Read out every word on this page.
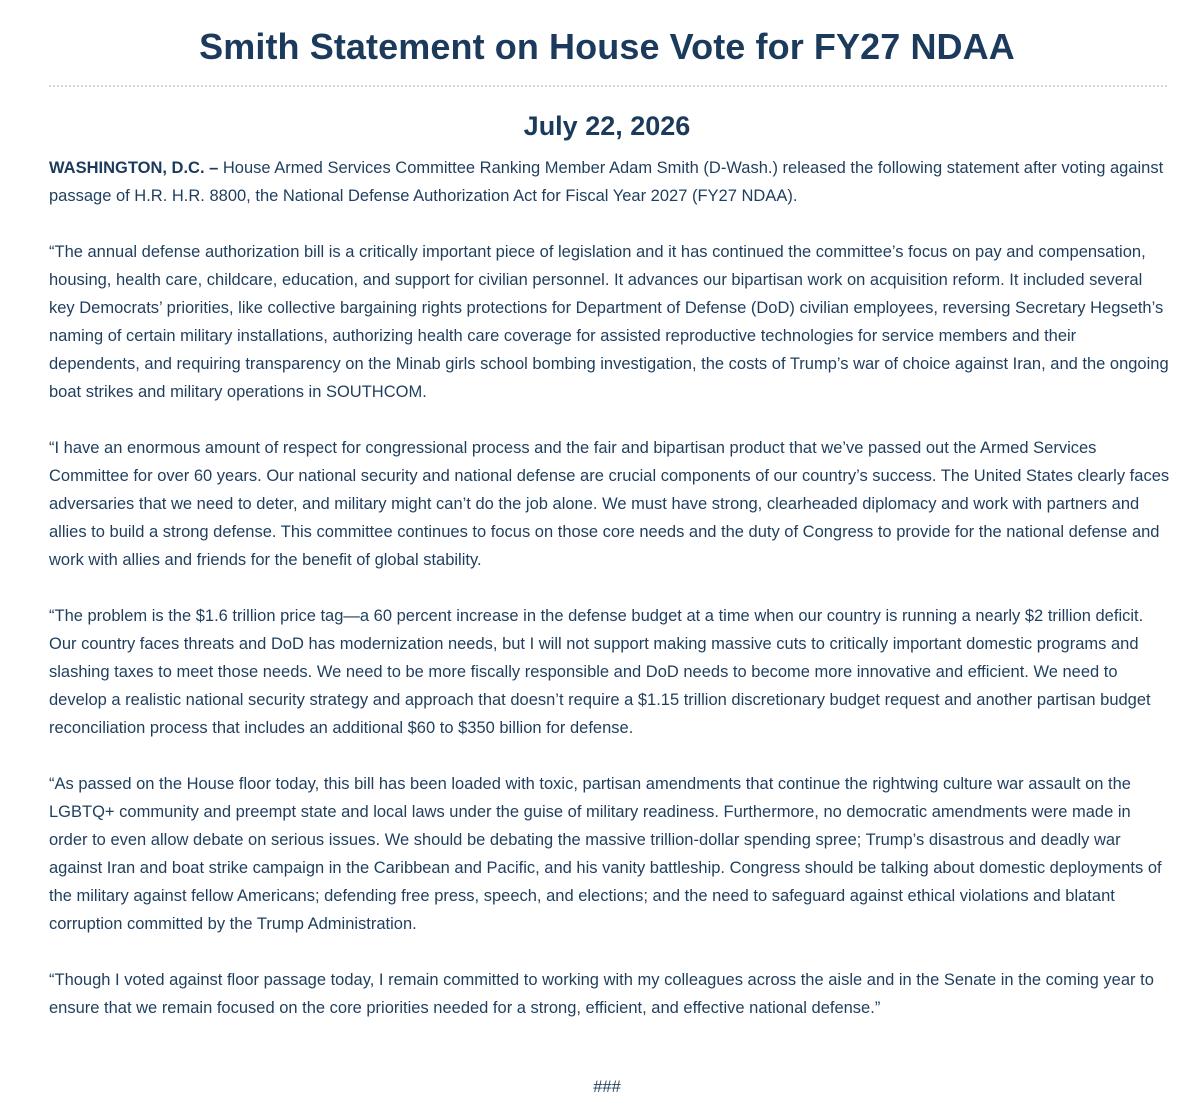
Smith Statement on House Vote for FY27 NDAA
July 22, 2026

WASHINGTON, D.C. – House Armed Services Committee Ranking Member Adam Smith (D-Wash.) released the following statement after voting against passage of H.R. H.R. 8800, the National Defense Authorization Act for Fiscal Year 2027 (FY27 NDAA).

“The annual defense authorization bill is a critically important piece of legislation and it has continued the committee’s focus on pay and compensation, housing, health care, childcare, education, and support for civilian personnel. It advances our bipartisan work on acquisition reform. It included several key Democrats’ priorities, like collective bargaining rights protections for Department of Defense (DoD) civilian employees, reversing Secretary Hegseth’s naming of certain military installations, authorizing health care coverage for assisted reproductive technologies for service members and their dependents, and requiring transparency on the Minab girls school bombing investigation, the costs of Trump’s war of choice against Iran, and the ongoing boat strikes and military operations in SOUTHCOM.

“I have an enormous amount of respect for congressional process and the fair and bipartisan product that we’ve passed out the Armed Services Committee for over 60 years. Our national security and national defense are crucial components of our country’s success. The United States clearly faces adversaries that we need to deter, and military might can’t do the job alone. We must have strong, clearheaded diplomacy and work with partners and allies to build a strong defense. This committee continues to focus on those core needs and the duty of Congress to provide for the national defense and work with allies and friends for the benefit of global stability.

“The problem is the $1.6 trillion price tag—a 60 percent increase in the defense budget at a time when our country is running a nearly $2 trillion deficit. Our country faces threats and DoD has modernization needs, but I will not support making massive cuts to critically important domestic programs and slashing taxes to meet those needs. We need to be more fiscally responsible and DoD needs to become more innovative and efficient. We need to develop a realistic national security strategy and approach that doesn’t require a $1.15 trillion discretionary budget request and another partisan budget reconciliation process that includes an additional $60 to $350 billion for defense.

“As passed on the House floor today, this bill has been loaded with toxic, partisan amendments that continue the rightwing culture war assault on the LGBTQ+ community and preempt state and local laws under the guise of military readiness. Furthermore, no democratic amendments were made in order to even allow debate on serious issues. We should be debating the massive trillion-dollar spending spree; Trump’s disastrous and deadly war against Iran and boat strike campaign in the Caribbean and Pacific, and his vanity battleship. Congress should be talking about domestic deployments of the military against fellow Americans; defending free press, speech, and elections; and the need to safeguard against ethical violations and blatant corruption committed by the Trump Administration.

“Though I voted against floor passage today, I remain committed to working with my colleagues across the aisle and in the Senate in the coming year to ensure that we remain focused on the core priorities needed for a strong, efficient, and effective national defense.”

###
